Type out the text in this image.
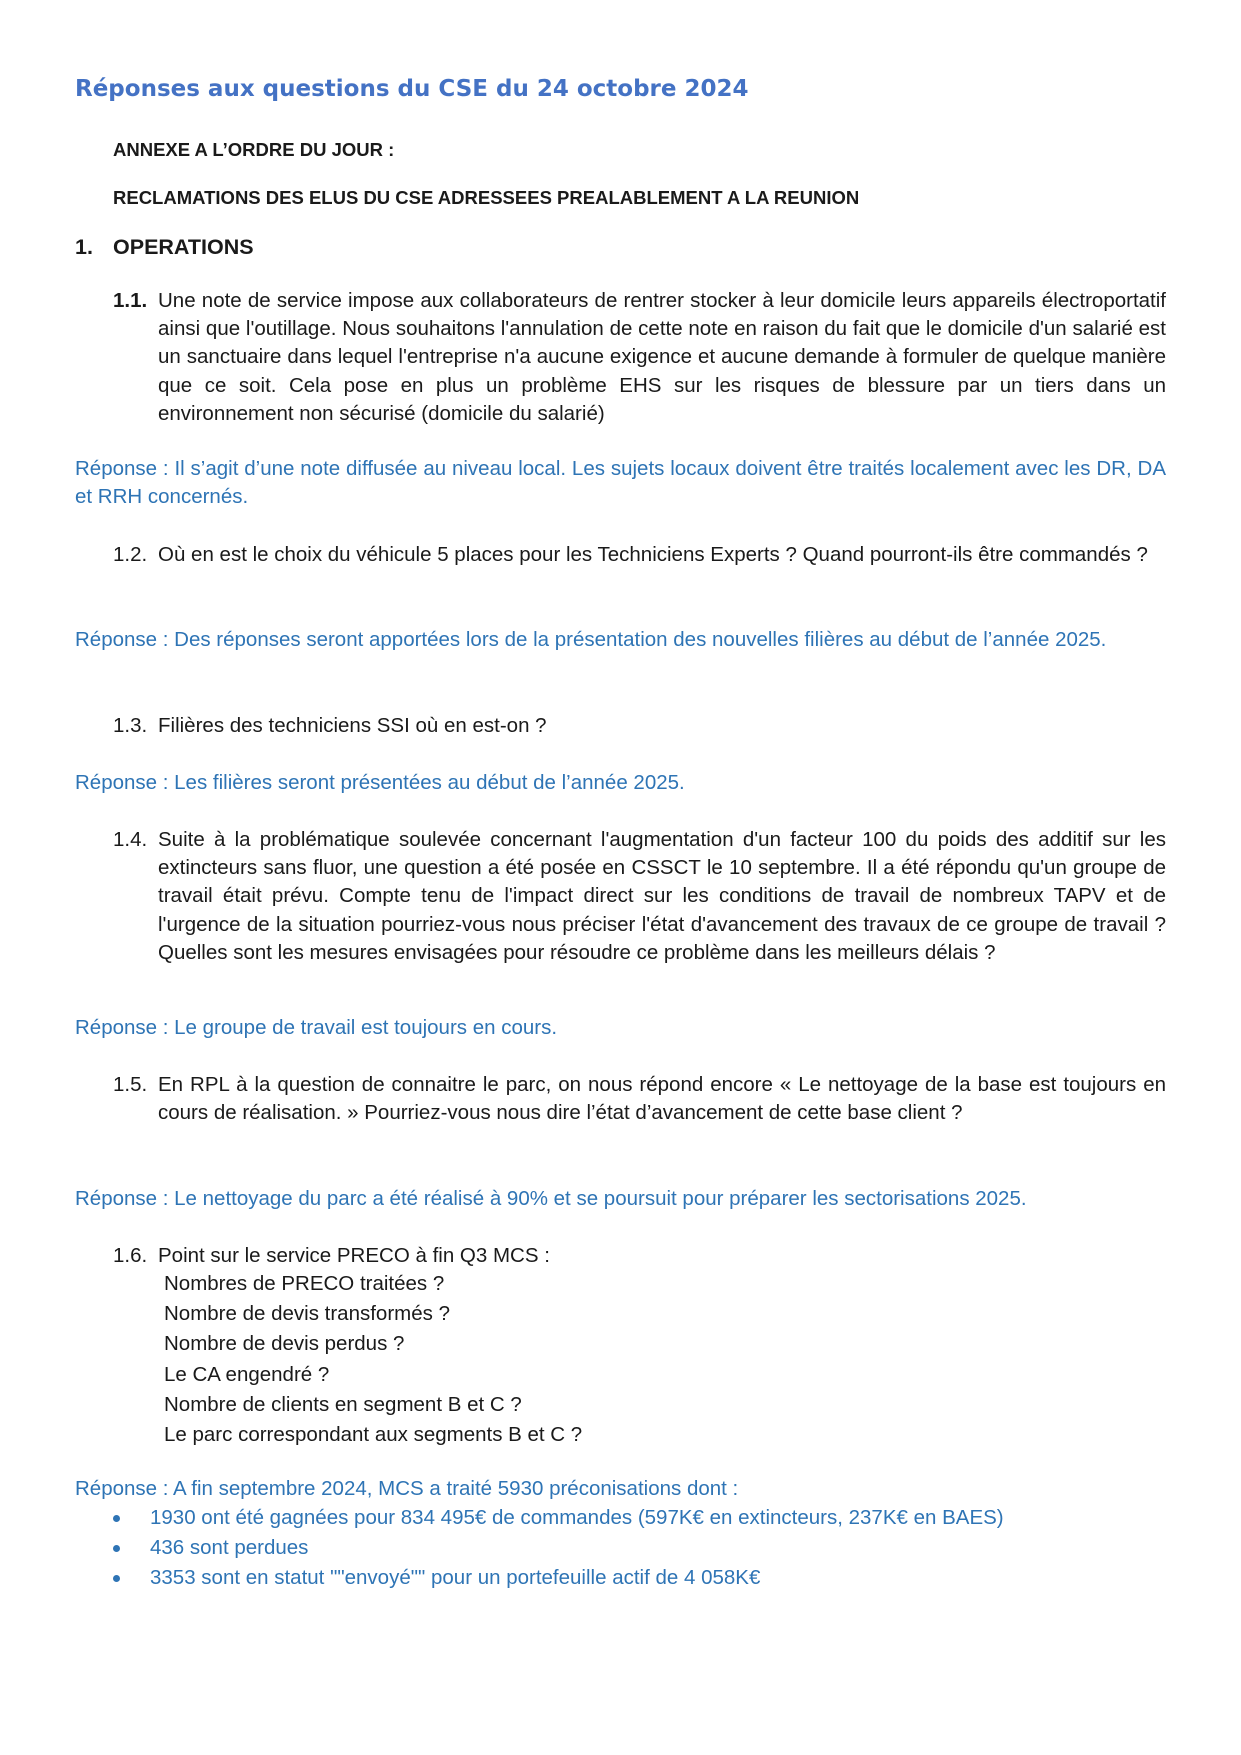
Réponses aux questions du CSE du 24 octobre 2024

ANNEXE A L’ORDRE DU JOUR :

RECLAMATIONS DES ELUS DU CSE ADRESSEES PREALABLEMENT A LA REUNION

1. OPERATIONS
1.1. Une note de service impose aux collaborateurs de rentrer stocker à leur domicile leurs appareils électroportatif ainsi que l'outillage. Nous souhaitons l'annulation de cette note en raison du fait que le domicile d'un salarié est un sanctuaire dans lequel l'entreprise n'a aucune exigence et aucune demande à formuler de quelque manière que ce soit. Cela pose en plus un problème EHS sur les risques de blessure par un tiers dans un environnement non sécurisé (domicile du salarié)
Réponse : Il s’agit d’une note diffusée au niveau local. Les sujets locaux doivent être traités localement avec les DR, DA et RRH concernés.
1.2. Où en est le choix du véhicule 5 places pour les Techniciens Experts ? Quand pourront-ils être commandés ?
Réponse : Des réponses seront apportées lors de la présentation des nouvelles filières au début de l’année 2025.
1.3. Filières des techniciens SSI où en est-on ?
Réponse : Les filières seront présentées au début de l’année 2025.
1.4. Suite à la problématique soulevée concernant l'augmentation d'un facteur 100 du poids des additif sur les extincteurs sans fluor, une question a été posée en CSSCT le 10 septembre. Il a été répondu qu'un groupe de travail était prévu. Compte tenu de l'impact direct sur les conditions de travail de nombreux TAPV et de l'urgence de la situation pourriez-vous nous préciser l'état d'avancement des travaux de ce groupe de travail ? Quelles sont les mesures envisagées pour résoudre ce problème dans les meilleurs délais ?
Réponse : Le groupe de travail est toujours en cours.
1.5. En RPL à la question de connaitre le parc, on nous répond encore « Le nettoyage de la base est toujours en cours de réalisation. » Pourriez-vous nous dire l’état d’avancement de cette base client ?
Réponse : Le nettoyage du parc a été réalisé à 90% et se poursuit pour préparer les sectorisations 2025.
1.6. Point sur le service PRECO à fin Q3 MCS :
Nombres de PRECO traitées ?
Nombre de devis transformés ?
Nombre de devis perdus ?
Le CA engendré ?
Nombre de clients en segment B et C ?
Le parc correspondant aux segments B et C ?
Réponse : A fin septembre 2024, MCS a traité 5930 préconisations dont :
1930 ont été gagnées pour 834 495€ de commandes (597K€ en extincteurs, 237K€ en BAES)
436 sont perdues
3353 sont en statut ""envoyé"" pour un portefeuille actif de 4 058K€
